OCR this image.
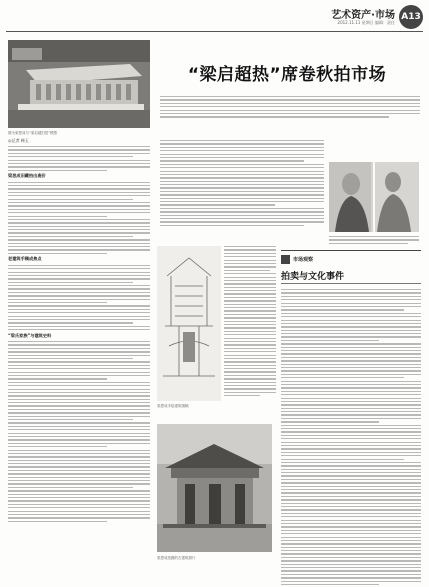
艺术资产·市场
2012.11.11 星期日 编辑：责任
A13
图为梁思成与“梁启超旧居”模型
“梁启超热”席卷秋拍市场
◎记者 韩玉
梁思成旧藏拍出高价
老建筑手稿成焦点
“梁氏家族”与建筑史料
梁思成手绘建筑图稿
梁思成拍摄的古建筑照片
市场观察
拍卖与文化事件
